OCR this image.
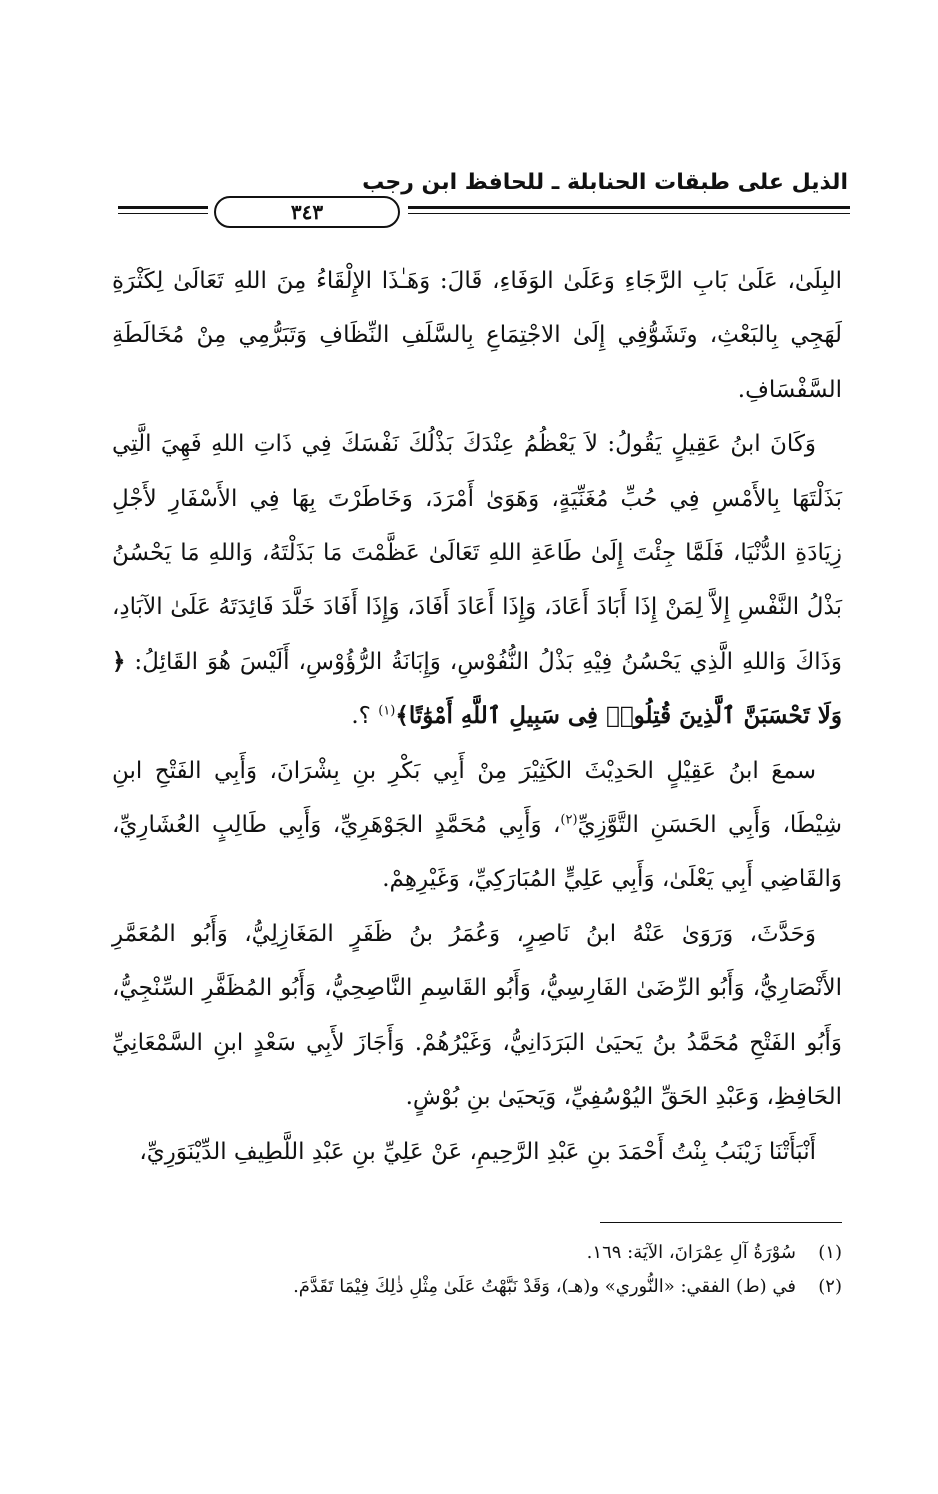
الذيل على طبقات الحنابلة ـ للحافظ ابن رجب
٣٤٣

البِلَىٰ، عَلَىٰ بَابِ الرَّجَاءِ وَعَلَىٰ الوَفَاءِ، قَالَ: وَهَـٰذَا الإِلْقَاءُ مِنَ اللهِ تَعَالَىٰ لِكَثْرَةِ لَهَجِي بِالبَعْثِ، وتَشَوُّفِي إِلَىٰ الاجْتِمَاعِ بِالسَّلَفِ النِّظَافِ وَتَبَرُّمِي مِنْ مُخَالَطَةِ السَّفْسَافِ.

وَكَانَ ابنُ عَقِيلٍ يَقُولُ: لاَ يَعْظُمُ عِنْدَكَ بَذْلُكَ نَفْسَكَ فِي ذَاتِ اللهِ فَهِيَ الَّتِي بَذَلْتَهَا بِالأَمْسِ فِي حُبِّ مُغَنِّيَةٍ، وَهَوَىٰ أَمْرَدَ، وَخَاطَرْتَ بِهَا فِي الأَسْفَارِ لأَجْلِ زِيَادَةِ الدُّنْيَا، فَلَمَّا جِئْتَ إِلَىٰ طَاعَةِ اللهِ تَعَالَىٰ عَظَّمْتَ مَا بَذَلْتَهُ، وَاللهِ مَا يَحْسُنُ بَذْلُ النَّفْسِ إِلاَّ لِمَنْ إِذَا أَبَادَ أَعَادَ، وَإِذَا أَعَادَ أَفَادَ، وَإِذَا أَفَادَ خَلَّدَ فَائِدَتَهُ عَلَىٰ الآبَادِ، وَذَاكَ وَاللهِ الَّذِي يَحْسُنُ فِيْهِ بَذْلُ النُّفُوْسِ، وَإِبَانَةُ الرُّؤُوْسِ، أَلَيْسَ هُوَ القَائِلُ: ﴿ وَلَا تَحْسَبَنَّ ٱلَّذِينَ قُتِلُوا۟ فِى سَبِيلِ ٱللَّهِ أَمْوَٰتًا﴾$^{(١)}$ ؟.

سمعَ ابنُ عَقِيْلٍ الحَدِيْثَ الكَثِيْرَ مِنْ أَبِي بَكْرِ بنِ بِشْرَانَ، وَأَبِي الفَتْحِ ابنِ شِيْطَا، وَأَبِي الحَسَنِ التَّوَّزِيِّ$^{(٢)}$، وَأَبِي مُحَمَّدٍ الجَوْهَرِيِّ، وَأَبِي طَالِبٍ العُشَارِيِّ، وَالقَاضِي أَبِي يَعْلَىٰ، وَأَبِي عَلِيٍّ المُبَارَكِيِّ، وَغَيْرِهِمْ.

وَحَدَّثَ، وَرَوَىٰ عَنْهُ ابنُ نَاصِرٍ، وَعُمَرُ بنُ ظَفَرٍ المَغَازِلِيُّ، وَأَبُو المُعَمَّرِ الأَنْصَارِيُّ، وَأَبُو الرِّضَىٰ الفَارِسِيُّ، وَأَبُو القَاسِمِ النَّاصِحِيُّ، وَأَبُو المُظَفَّرِ السِّنْجِيُّ، وَأَبُو الفَتْحِ مُحَمَّدُ بنُ يَحيَىٰ البَرَدَانِيُّ، وَغَيْرُهُمْ. وَأَجَازَ لأَبِي سَعْدٍ ابنِ السَّمْعَانِيِّ الحَافِظِ، وَعَبْدِ الحَقِّ اليُوْسُفِيِّ، وَيَحيَىٰ بنِ بُوْشٍ.

أَنْبَأَتْنَا زَيْنَبُ بِنْتُ أَحْمَدَ بنِ عَبْدِ الرَّحِيمِ، عَنْ عَلِيِّ بنِ عَبْدِ اللَّطِيفِ الدِّيْنَوَرِيِّ،

(١)سُوْرَةُ آلِ عِمْرَانَ، الآيَة: ١٦٩.

(٢)في (ط) الفقي: «النُّوري» و(هـ)، وَقَدْ نَبَّهْتُ عَلَىٰ مِثْلِ ذٰلِكَ فِيْمَا تَقَدَّمَ.
